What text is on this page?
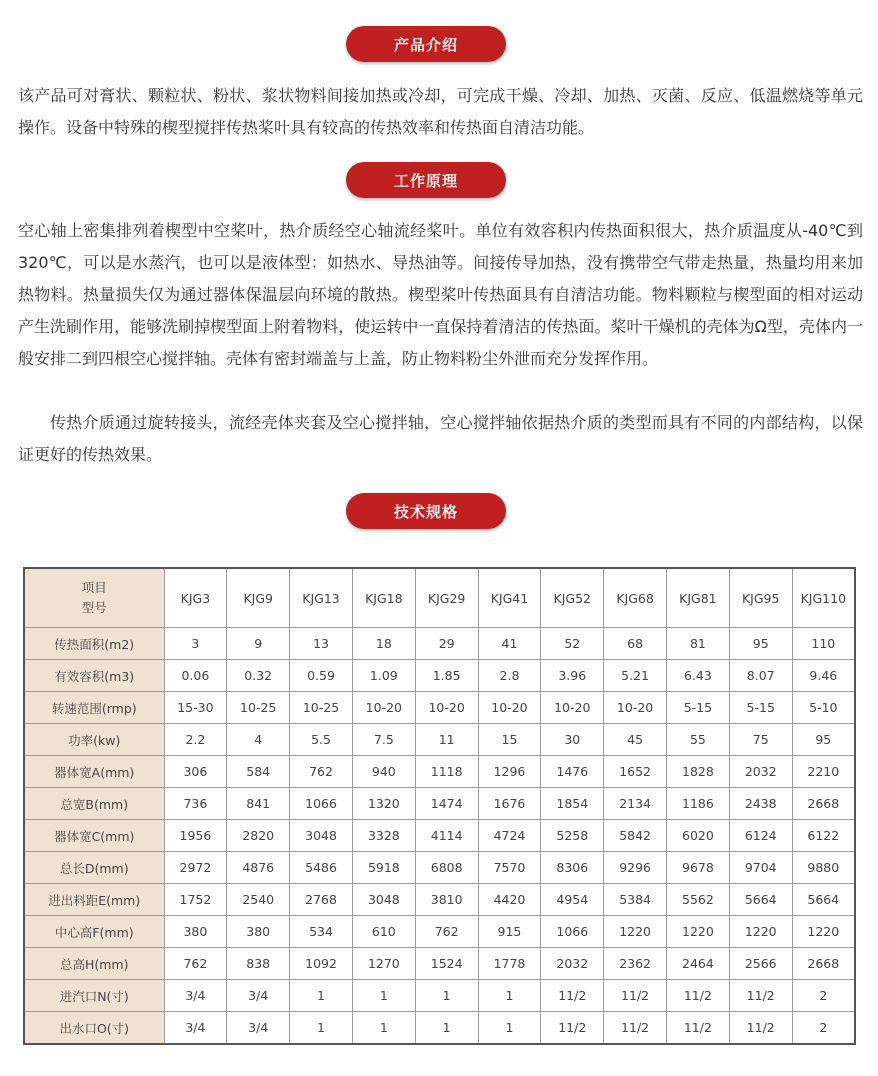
产品介绍

该产品可对膏状、颗粒状、粉状、浆状物料间接加热或冷却，可完成干燥、冷却、加热、灭菌、反应、低温燃烧等单元操作。设备中特殊的楔型搅拌传热桨叶具有较高的传热效率和传热面自清洁功能。

工作原理

空心轴上密集排列着楔型中空桨叶，热介质经空心轴流经桨叶。单位有效容积内传热面积很大，热介质温度从-40℃到320℃，可以是水蒸汽，也可以是液体型：如热水、导热油等。间接传导加热，没有携带空气带走热量，热量均用来加热物料。热量损失仅为通过器体保温层向环境的散热。楔型桨叶传热面具有自清洁功能。物料颗粒与楔型面的相对运动产生洗刷作用，能够洗刷掉楔型面上附着物料，使运转中一直保持着清洁的传热面。桨叶干燥机的壳体为Ω型，壳体内一般安排二到四根空心搅拌轴。壳体有密封端盖与上盖，防止物料粉尘外泄而充分发挥作用。

传热介质通过旋转接头，流经壳体夹套及空心搅拌轴，空心搅拌轴依据热介质的类型而具有不同的内部结构，以保证更好的传热效果。

技术规格
项目
型号	KJG3	KJG9	KJG13	KJG18	KJG29	KJG41	KJG52	KJG68	KJG81	KJG95	KJG110
传热面积(m2)	3	9	13	18	29	41	52	68	81	95	110
有效容积(m3)	0.06	0.32	0.59	1.09	1.85	2.8	3.96	5.21	6.43	8.07	9.46
转速范围(rmp)	15-30	10-25	10-25	10-20	10-20	10-20	10-20	10-20	5-15	5-15	5-10
功率(kw)	2.2	4	5.5	7.5	11	15	30	45	55	75	95
器体宽A(mm)	306	584	762	940	1118	1296	1476	1652	1828	2032	2210
总宽B(mm)	736	841	1066	1320	1474	1676	1854	2134	1186	2438	2668
器体宽C(mm)	1956	2820	3048	3328	4114	4724	5258	5842	6020	6124	6122
总长D(mm)	2972	4876	5486	5918	6808	7570	8306	9296	9678	9704	9880
进出料距E(mm)	1752	2540	2768	3048	3810	4420	4954	5384	5562	5664	5664
中心高F(mm)	380	380	534	610	762	915	1066	1220	1220	1220	1220
总高H(mm)	762	838	1092	1270	1524	1778	2032	2362	2464	2566	2668
进汽口N(寸)	3/4	3/4	1	1	1	1	11/2	11/2	11/2	11/2	2
出水口O(寸)	3/4	3/4	1	1	1	1	11/2	11/2	11/2	11/2	2
